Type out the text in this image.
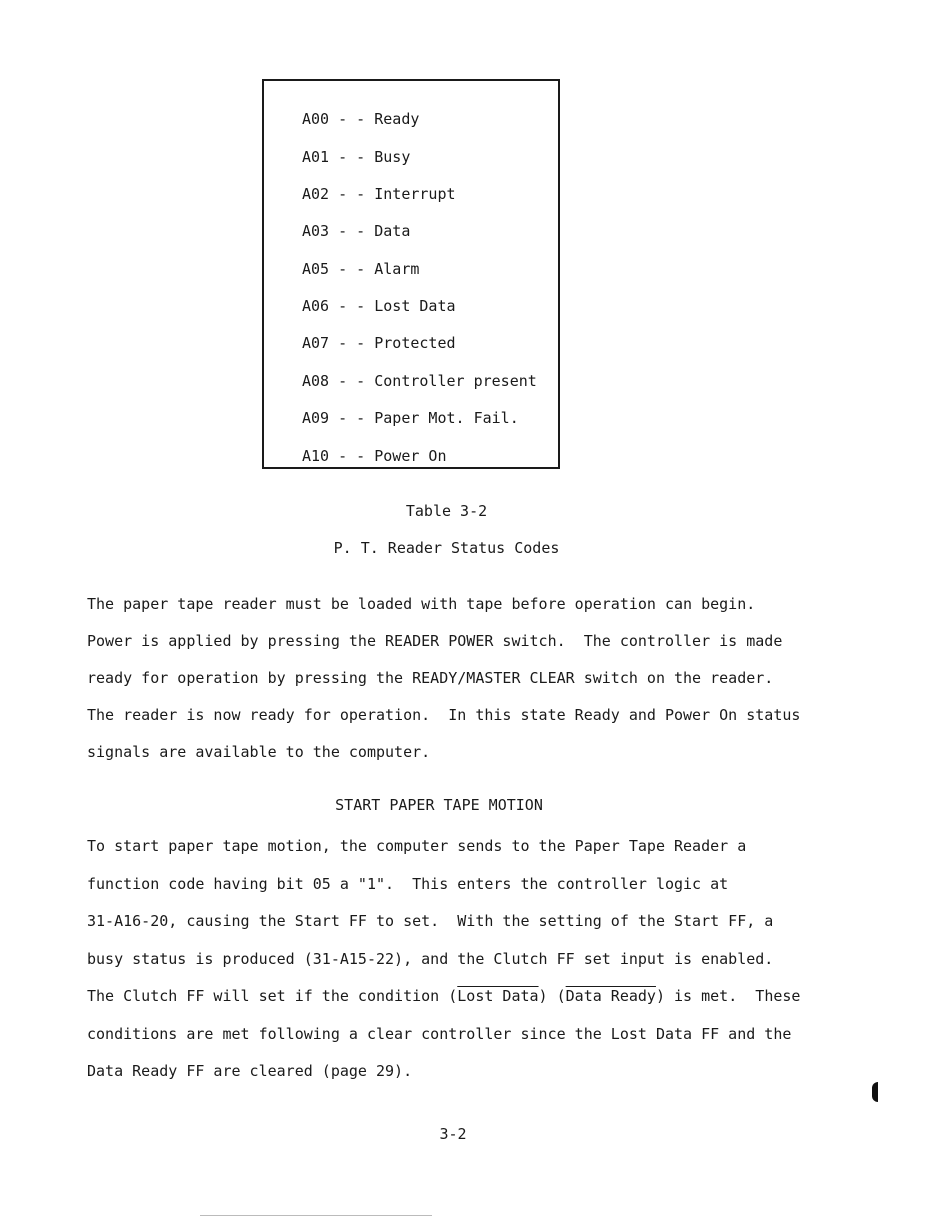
A00 - - Ready
A01 - - Busy
A02 - - Interrupt
A03 - - Data
A05 - - Alarm
A06 - - Lost Data
A07 - - Protected
A08 - - Controller present
A09 - - Paper Mot. Fail.
A10 - - Power On
Table 3-2
P. T. Reader Status Codes
The paper tape reader must be loaded with tape before operation can begin.
Power is applied by pressing the READER POWER switch.  The controller is made
ready for operation by pressing the READY/MASTER CLEAR switch on the reader.
The reader is now ready for operation.  In this state Ready and Power On status
signals are available to the computer.
START PAPER TAPE MOTION
To start paper tape motion, the computer sends to the Paper Tape Reader a
function code having bit 05 a "1".  This enters the controller logic at
31-A16-20, causing the Start FF to set.  With the setting of the Start FF, a
busy status is produced (31-A15-22), and the Clutch FF set input is enabled.
The Clutch FF will set if the condition (Lost Data) (Data Ready) is met.  These
conditions are met following a clear controller since the Lost Data FF and the
Data Ready FF are cleared (page 29).
3-2
